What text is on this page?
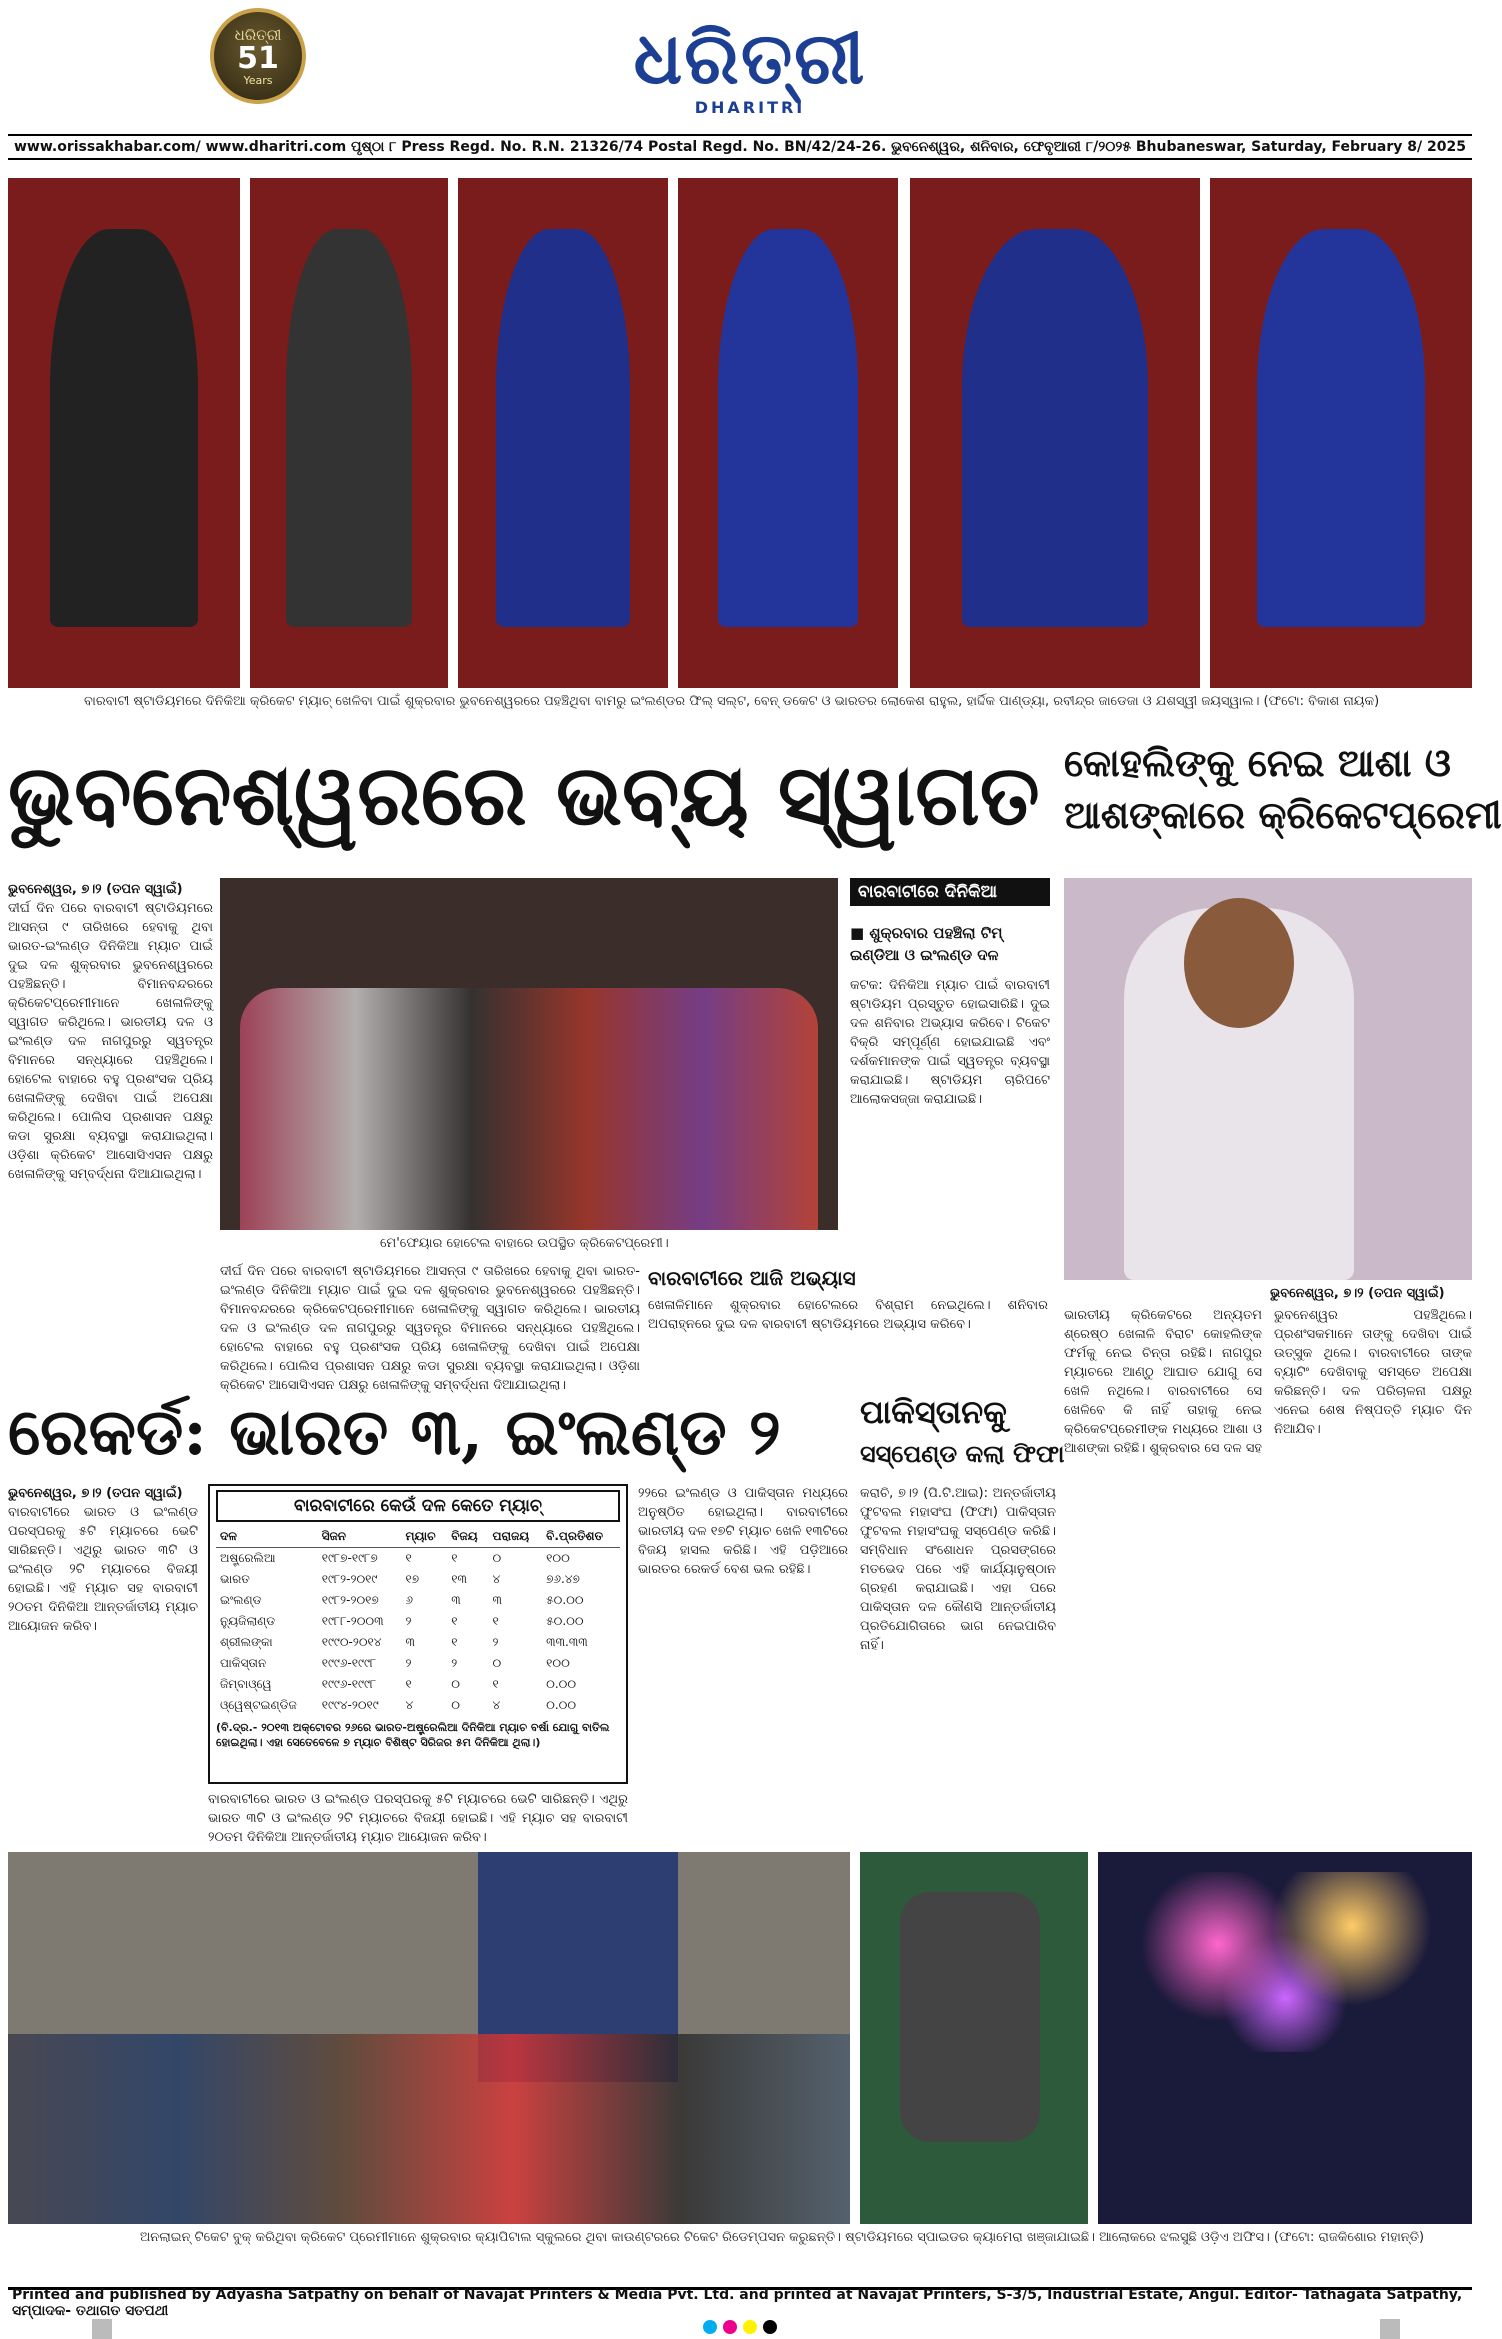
ଧରିତ୍ରୀ
51
Years	ଧରିତ୍ରୀ
DHARITRI
www.orissakhabar.com/ www.dharitri.com ପୃଷ୍ଠା ୮ Press Regd. No. R.N. 21326/74 Postal Regd. No. BN/42/24-26. ଭୁବନେଶ୍ୱର, ଶନିବାର, ଫେବୃଆରୀ ୮/୨୦୨୫ Bhubaneswar, Saturday, February 8/ 2025
ବାରବାଟୀ ଷ୍ଟାଡିୟମରେ ଦିନିକିଆ କ୍ରିକେଟ ମ୍ୟାଚ୍ ଖେଳିବା ପାଇଁ ଶୁକ୍ରବାର ଭୁବନେଶ୍ୱରରେ ପହଞ୍ଚିଥିବା ବାମରୁ ଇଂଲଣ୍ଡର ଫିଲ୍ ସଲ୍ଟ, ବେନ୍ ଡକେଟ ଓ ଭାରତର ଲୋକେଶ ରାହୁଲ, ହାର୍ଦ୍ଦିକ ପାଣ୍ଡ୍ୟା, ରବୀନ୍ଦ୍ର ଜାଡେଜା ଓ ଯଶସ୍ୱୀ ଜୟସ୍ୱାଲ। (ଫଟୋ: ବିକାଶ ନାୟକ)
ଭୁବନେଶ୍ୱରରେ ଭବ୍ୟ ସ୍ୱାଗତ କୋହଲିଙ୍କୁ ନେଇ ଆଶା ଓ
ଆଶଙ୍କାରେ କ୍ରିକେଟପ୍ରେମୀ
ଭୁବନେଶ୍ୱର, ୭।୨ (ତପନ ସ୍ୱାଇଁ)
ଦୀର୍ଘ ଦିନ ପରେ ବାରବାଟୀ ଷ୍ଟାଡିୟମରେ ଆସନ୍ତା ୯ ତାରିଖରେ ହେବାକୁ ଥିବା ଭାରତ-ଇଂଲଣ୍ଡ ଦିନିକିଆ ମ୍ୟାଚ ପାଇଁ ଦୁଇ ଦଳ ଶୁକ୍ରବାର ଭୁବନେଶ୍ୱରରେ ପହଞ୍ଚିଛନ୍ତି। ବିମାନବନ୍ଦରରେ କ୍ରିକେଟପ୍ରେମୀମାନେ ଖେଳାଳିଙ୍କୁ ସ୍ୱାଗତ କରିଥିଲେ। ଭାରତୀୟ ଦଳ ଓ ଇଂଲଣ୍ଡ ଦଳ ନାଗପୁରରୁ ସ୍ୱତନ୍ତ୍ର ବିମାନରେ ସନ୍ଧ୍ୟାରେ ପହଞ୍ଚିଥିଲେ। ହୋଟେଲ ବାହାରେ ବହୁ ପ୍ରଶଂସକ ପ୍ରିୟ ଖେଳାଳିଙ୍କୁ ଦେଖିବା ପାଇଁ ଅପେକ୍ଷା କରିଥିଲେ। ପୋଲିସ ପ୍ରଶାସନ ପକ୍ଷରୁ କଡା ସୁରକ୍ଷା ବ୍ୟବସ୍ଥା କରାଯାଇଥିଲା। ଓଡ଼ିଶା କ୍ରିକେଟ ଆସୋସିଏସନ ପକ୍ଷରୁ ଖେଳାଳିଙ୍କୁ ସମ୍ବର୍ଦ୍ଧନା ଦିଆଯାଇଥିଲା।
ମେ'ଫେୟାର ହୋଟେଲ ବାହାରେ ଉପସ୍ଥିତ କ୍ରିକେଟପ୍ରେମୀ।
ବାରବାଟୀରେ ଦିନିକିଆ
■ ଶୁକ୍ରବାର ପହଞ୍ଚିଲା ଟିମ୍ ଇଣ୍ଡିଆ ଓ ଇଂଲଣ୍ଡ ଦଳ
କଟକ: ଦିନିକିଆ ମ୍ୟାଚ ପାଇଁ ବାରବାଟୀ ଷ୍ଟାଡିୟମ ପ୍ରସ୍ତୁତ ହୋଇସାରିଛି। ଦୁଇ ଦଳ ଶନିବାର ଅଭ୍ୟାସ କରିବେ। ଟିକେଟ ବିକ୍ରି ସମ୍ପୂର୍ଣ୍ଣ ହୋଇଯାଇଛି ଏବଂ ଦର୍ଶକମାନଙ୍କ ପାଇଁ ସ୍ୱତନ୍ତ୍ର ବ୍ୟବସ୍ଥା କରାଯାଇଛି। ଷ୍ଟାଡିୟମ ଚାରିପଟେ ଆଲୋକସଜ୍ଜା କରାଯାଇଛି।
ଦୀର୍ଘ ଦିନ ପରେ ବାରବାଟୀ ଷ୍ଟାଡିୟମରେ ଆସନ୍ତା ୯ ତାରିଖରେ ହେବାକୁ ଥିବା ଭାରତ-ଇଂଲଣ୍ଡ ଦିନିକିଆ ମ୍ୟାଚ ପାଇଁ ଦୁଇ ଦଳ ଶୁକ୍ରବାର ଭୁବନେଶ୍ୱରରେ ପହଞ୍ଚିଛନ୍ତି। ବିମାନବନ୍ଦରରେ କ୍ରିକେଟପ୍ରେମୀମାନେ ଖେଳାଳିଙ୍କୁ ସ୍ୱାଗତ କରିଥିଲେ। ଭାରତୀୟ ଦଳ ଓ ଇଂଲଣ୍ଡ ଦଳ ନାଗପୁରରୁ ସ୍ୱତନ୍ତ୍ର ବିମାନରେ ସନ୍ଧ୍ୟାରେ ପହଞ୍ଚିଥିଲେ। ହୋଟେଲ ବାହାରେ ବହୁ ପ୍ରଶଂସକ ପ୍ରିୟ ଖେଳାଳିଙ୍କୁ ଦେଖିବା ପାଇଁ ଅପେକ୍ଷା କରିଥିଲେ। ପୋଲିସ ପ୍ରଶାସନ ପକ୍ଷରୁ କଡା ସୁରକ୍ଷା ବ୍ୟବସ୍ଥା କରାଯାଇଥିଲା। ଓଡ଼ିଶା କ୍ରିକେଟ ଆସୋସିଏସନ ପକ୍ଷରୁ ଖେଳାଳିଙ୍କୁ ସମ୍ବର୍ଦ୍ଧନା ଦିଆଯାଇଥିଲା।
ବାରବାଟୀରେ ଆଜି ଅଭ୍ୟାସ
ଖେଳାଳିମାନେ ଶୁକ୍ରବାର ହୋଟେଲରେ ବିଶ୍ରାମ ନେଇଥିଲେ। ଶନିବାର ଅପରାହ୍ନରେ ଦୁଇ ଦଳ ବାରବାଟୀ ଷ୍ଟାଡିୟମରେ ଅଭ୍ୟାସ କରିବେ।
ଭୁବନେଶ୍ୱର, ୭।୨ (ତପନ ସ୍ୱାଇଁ)
ଭାରତୀୟ କ୍ରିକେଟରେ ଅନ୍ୟତମ ଶ୍ରେଷ୍ଠ ଖେଳାଳି ବିରାଟ କୋହଲିଙ୍କ ଫର୍ମକୁ ନେଇ ଚିନ୍ତା ରହିଛି। ନାଗପୁର ମ୍ୟାଚରେ ଆଣ୍ଠୁ ଆଘାତ ଯୋଗୁ ସେ ଖେଳି ନଥିଲେ। ବାରବାଟୀରେ ସେ ଖେଳିବେ କି ନାହିଁ ତାହାକୁ ନେଇ କ୍ରିକେଟପ୍ରେମୀଙ୍କ ମଧ୍ୟରେ ଆଶା ଓ ଆଶଙ୍କା ରହିଛି। ଶୁକ୍ରବାର ସେ ଦଳ ସହ ଭୁବନେଶ୍ୱର ପହଞ୍ଚିଥିଲେ। ପ୍ରଶଂସକମାନେ ତାଙ୍କୁ ଦେଖିବା ପାଇଁ ଉତ୍ସୁକ ଥିଲେ। ବାରବାଟୀରେ ତାଙ୍କ ବ୍ୟାଟିଂ ଦେଖିବାକୁ ସମସ୍ତେ ଅପେକ୍ଷା କରିଛନ୍ତି। ଦଳ ପରିଚାଳନା ପକ୍ଷରୁ ଏନେଇ ଶେଷ ନିଷ୍ପତ୍ତି ମ୍ୟାଚ ଦିନ ନିଆଯିବ।
ରେକର୍ଡ: ଭାରତ ୩, ଇଂଲଣ୍ଡ ୨
ଭୁବନେଶ୍ୱର, ୭।୨ (ତପନ ସ୍ୱାଇଁ)
ବାରବାଟୀରେ ଭାରତ ଓ ଇଂଲଣ୍ଡ ପରସ୍ପରକୁ ୫ଟି ମ୍ୟାଚରେ ଭେଟି ସାରିଛନ୍ତି। ଏଥିରୁ ଭାରତ ୩ଟି ଓ ଇଂଲଣ୍ଡ ୨ଟି ମ୍ୟାଚରେ ବିଜୟୀ ହୋଇଛି। ଏହି ମ୍ୟାଚ ସହ ବାରବାଟୀ ୨୦ତମ ଦିନିକିଆ ଆନ୍ତର୍ଜାତୀୟ ମ୍ୟାଚ ଆୟୋଜନ କରିବ।
ବାରବାଟୀରେ କେଉଁ ଦଳ କେତେ ମ୍ୟାଚ୍
ଦଳ	ସିଜନ	ମ୍ୟାଚ	ବିଜୟ	ପରାଜୟ	ବି.ପ୍ରତିଶତ
ଅଷ୍ଟ୍ରେଲିଆ	୧୯୮୭-୧୯୮୭	୧	୧	୦	୧୦୦
ଭାରତ	୧୯୮୨-୨୦୧୯	୧୭	୧୩	୪	୭୬.୪୭
ଇଂଲଣ୍ଡ	୧୯୮୨-୨୦୧୭	୬	୩	୩	୫୦.୦୦
ନ୍ୟୁଜିଲାଣ୍ଡ	୧୯୮୮-୨୦୦୩	୨	୧	୧	୫୦.୦୦
ଶ୍ରୀଲଙ୍କା	୧୯୯୦-୨୦୧୪	୩	୧	୨	୩୩.୩୩
ପାକିସ୍ତାନ	୧୯୯୬-୧୯୯୮	୨	୨	୦	୧୦୦
ଜିମ୍ବାଓ୍ୱେ	୧୯୯୬-୧୯୯୮	୧	୦	୧	୦.୦୦
ଓ୍ୱେଷ୍ଟଇଣ୍ଡିଜ	୧୯୯୪-୨୦୧୯	୪	୦	୪	୦.୦୦
(ବି.ଦ୍ର.- ୨୦୧୩ ଅକ୍ଟୋବର ୨୬ରେ ଭାରତ-ଅଷ୍ଟ୍ରେଲିଆ ଦିନିକିଆ ମ୍ୟାଚ ବର୍ଷା ଯୋଗୁ ବାତିଲ ହୋଇଥିଲା। ଏହା ସେତେବେଳେ ୭ ମ୍ୟାଚ ବିଶିଷ୍ଟ ସିରିଜର ୫ମ ଦିନିକିଆ ଥିଲା।)
ବାରବାଟୀରେ ଭାରତ ଓ ଇଂଲଣ୍ଡ ପରସ୍ପରକୁ ୫ଟି ମ୍ୟାଚରେ ଭେଟି ସାରିଛନ୍ତି। ଏଥିରୁ ଭାରତ ୩ଟି ଓ ଇଂଲଣ୍ଡ ୨ଟି ମ୍ୟାଚରେ ବିଜୟୀ ହୋଇଛି। ଏହି ମ୍ୟାଚ ସହ ବାରବାଟୀ ୨୦ତମ ଦିନିକିଆ ଆନ୍ତର୍ଜାତୀୟ ମ୍ୟାଚ ଆୟୋଜନ କରିବ।
୨୨ରେ ଇଂଲଣ୍ଡ ଓ ପାକିସ୍ତାନ ମଧ୍ୟରେ ଅନୁଷ୍ଠିତ ହୋଇଥିଲା। ବାରବାଟୀରେ ଭାରତୀୟ ଦଳ ୧୭ଟି ମ୍ୟାଚ ଖେଳି ୧୩ଟିରେ ବିଜୟ ହାସଲ କରିଛି। ଏହି ପଡ଼ିଆରେ ଭାରତର ରେକର୍ଡ ବେଶ ଭଲ ରହିଛି।
ପାକିସ୍ତାନକୁ
ସସ୍ପେଣ୍ଡ କଲା ଫିଫା
କରାଚି, ୭।୨ (ପି.ଟି.ଆଇ): ଅନ୍ତର୍ଜାତୀୟ ଫୁଟବଲ ମହାସଂଘ (ଫିଫା) ପାକିସ୍ତାନ ଫୁଟବଲ ମହାସଂଘକୁ ସସ୍ପେଣ୍ଡ କରିଛି। ସମ୍ବିଧାନ ସଂଶୋଧନ ପ୍ରସଙ୍ଗରେ ମତଭେଦ ପରେ ଏହି କାର୍ଯ୍ୟାନୁଷ୍ଠାନ ଗ୍ରହଣ କରାଯାଇଛି। ଏହା ପରେ ପାକିସ୍ତାନ ଦଳ କୌଣସି ଆନ୍ତର୍ଜାତୀୟ ପ୍ରତିଯୋଗିତାରେ ଭାଗ ନେଇପାରିବ ନାହିଁ।
ଅନଲାଇନ୍ ଟିକେଟ ବୁକ୍ କରିଥିବା କ୍ରିକେଟ ପ୍ରେମୀମାନେ ଶୁକ୍ରବାର କ୍ୟାପିଟାଲ ସ୍କୁଲରେ ଥିବା କାଉଣ୍ଟରରେ ଟିକେଟ ରିଡେମ୍ପସନ କରୁଛନ୍ତି। ଷ୍ଟାଡିୟମରେ ସ୍ପାଇଡର କ୍ୟାମେରା ଖଞ୍ଜାଯାଇଛି। ଆଲୋକରେ ଝଲସୁଛି ଓଡ଼ିଏ ଅଫିସ। (ଫଟୋ: ରାଜକିଶୋର ମହାନ୍ତି)
Printed and published by Adyasha Satpathy on behalf of Navajat Printers & Media Pvt. Ltd. and printed at Navajat Printers, S-3/5, Industrial Estate, Angul. Editor- Tathagata Satpathy, ସମ୍ପାଦକ- ତଥାଗତ ସତପଥୀ
